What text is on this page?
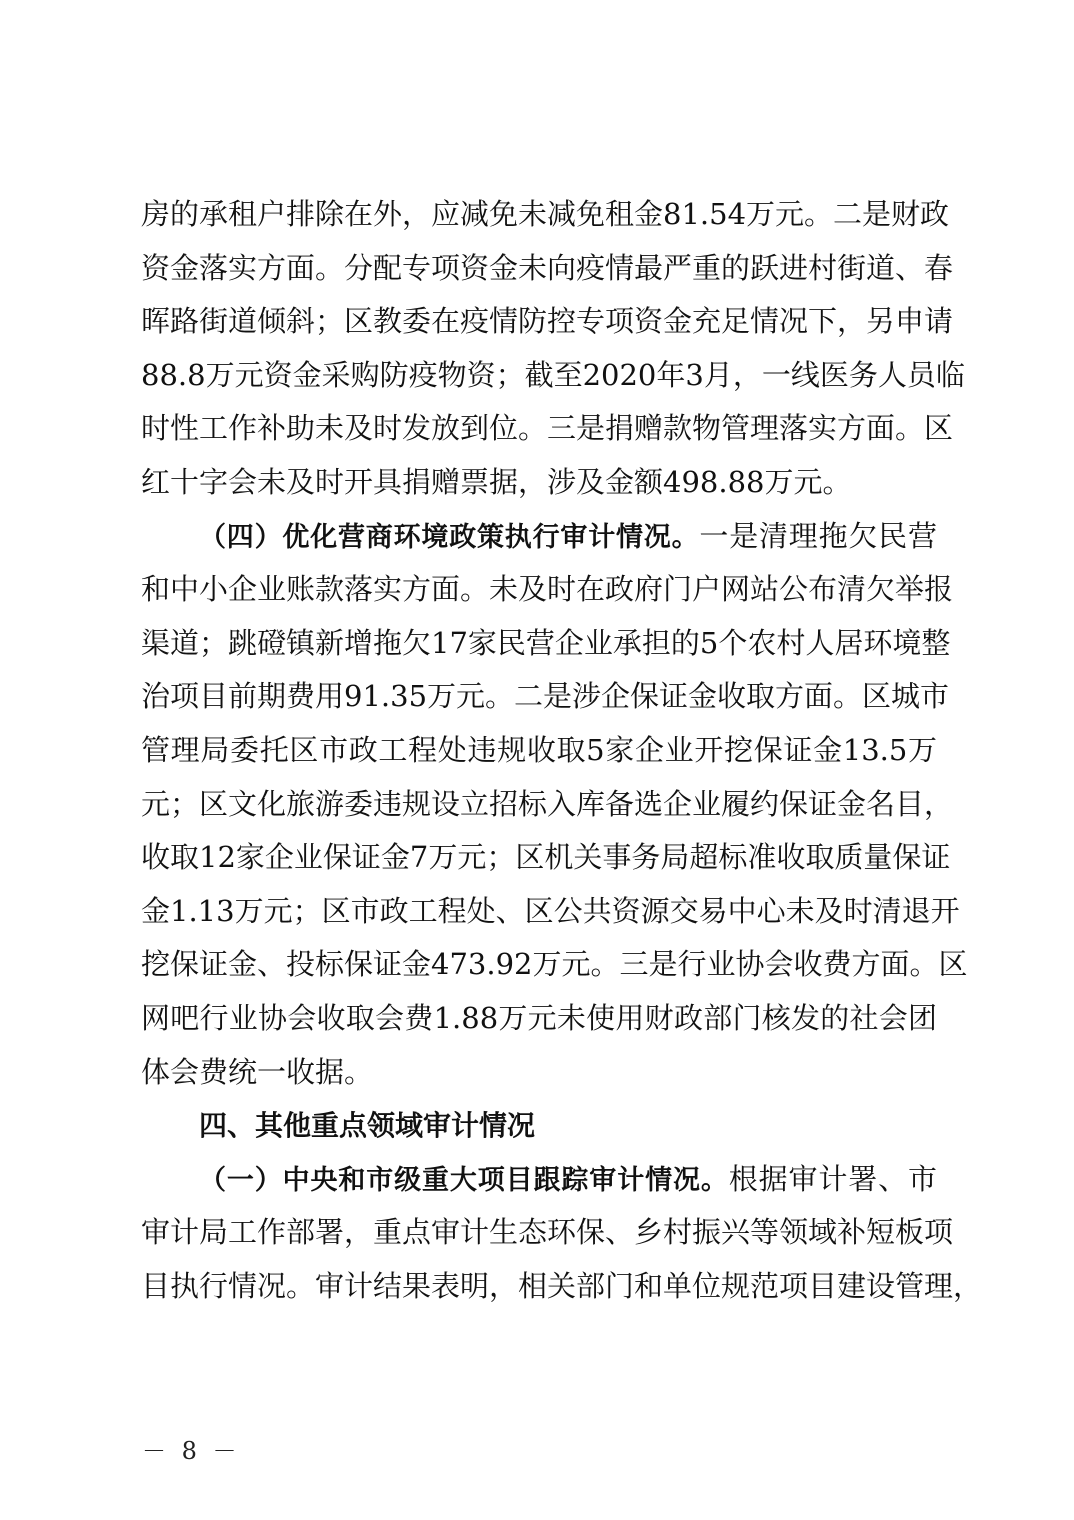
房的承租户排除在外，应减免未减免租金81.54万元。二是财政
资金落实方面。分配专项资金未向疫情最严重的跃进村街道、春
晖路街道倾斜；区教委在疫情防控专项资金充足情况下，另申请
88.8万元资金采购防疫物资；截至2020年3月，一线医务人员临
时性工作补助未及时发放到位。三是捐赠款物管理落实方面。区
红十字会未及时开具捐赠票据，涉及金额498.88万元。
（四）优化营商环境政策执行审计情况。一是清理拖欠民营
和中小企业账款落实方面。未及时在政府门户网站公布清欠举报
渠道；跳磴镇新增拖欠17家民营企业承担的5个农村人居环境整
治项目前期费用91.35万元。二是涉企保证金收取方面。区城市
管理局委托区市政工程处违规收取5家企业开挖保证金13.5万
元；区文化旅游委违规设立招标入库备选企业履约保证金名目，
收取12家企业保证金7万元；区机关事务局超标准收取质量保证
金1.13万元；区市政工程处、区公共资源交易中心未及时清退开
挖保证金、投标保证金473.92万元。三是行业协会收费方面。区
网吧行业协会收取会费1.88万元未使用财政部门核发的社会团
体会费统一收据。
四、其他重点领域审计情况
（一）中央和市级重大项目跟踪审计情况。根据审计署、市
审计局工作部署，重点审计生态环保、乡村振兴等领域补短板项
目执行情况。审计结果表明，相关部门和单位规范项目建设管理，
－ 8 －
